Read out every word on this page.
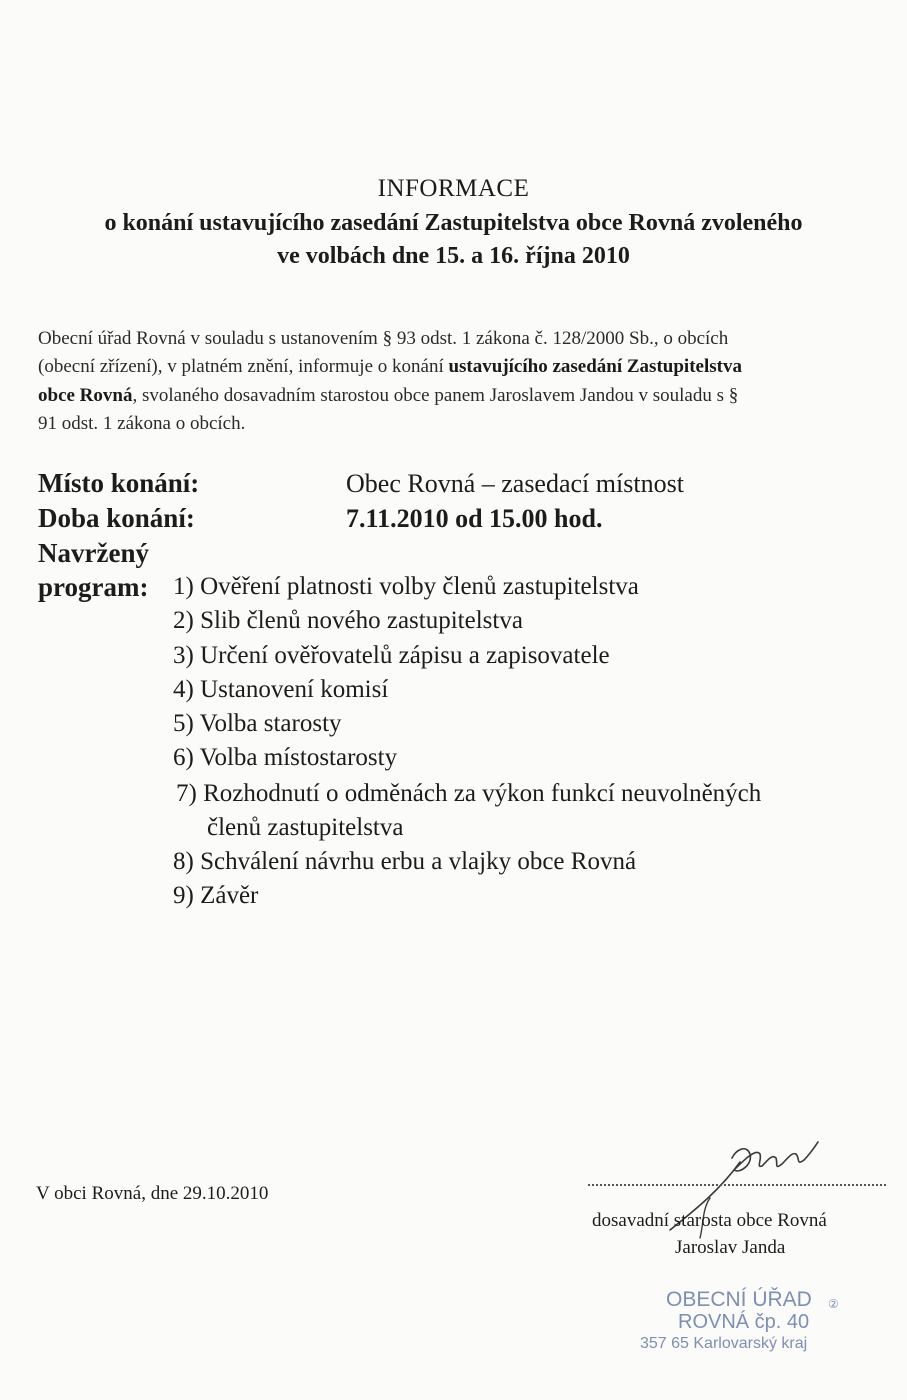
INFORMACE
o konání ustavujícího zasedání Zastupitelstva obce Rovná zvoleného
ve volbách dne 15. a 16. října 2010
Obecní úřad Rovná v souladu s ustanovením § 93 odst. 1 zákona č. 128/2000 Sb., o obcích
(obecní zřízení), v platném znění, informuje o konání ustavujícího zasedání Zastupitelstva
obce Rovná, svolaného dosavadním starostou obce panem Jaroslavem Jandou v souladu s §
91 odst. 1 zákona o obcích.
Místo konání:	Obec Rovná – zasedací místnost
Doba konání:	7.11.2010 od 15.00 hod.
Navržený
program: 1) Ověření platnosti volby členů zastupitelstva
2) Slib členů nového zastupitelstva
3) Určení ověřovatelů zápisu a zapisovatele
4) Ustanovení komisí
5) Volba starosty
6) Volba místostarosty
7) Rozhodnutí o odměnách za výkon funkcí neuvolněných
členů zastupitelstva
8) Schválení návrhu erbu a vlajky obce Rovná
9) Závěr
V obci Rovná, dne 29.10.2010
dosavadní starosta obce Rovná
Jaroslav Janda
OBECNÍ ÚŘAD ②
ROVNÁ čp. 40
357 65 Karlovarský kraj
